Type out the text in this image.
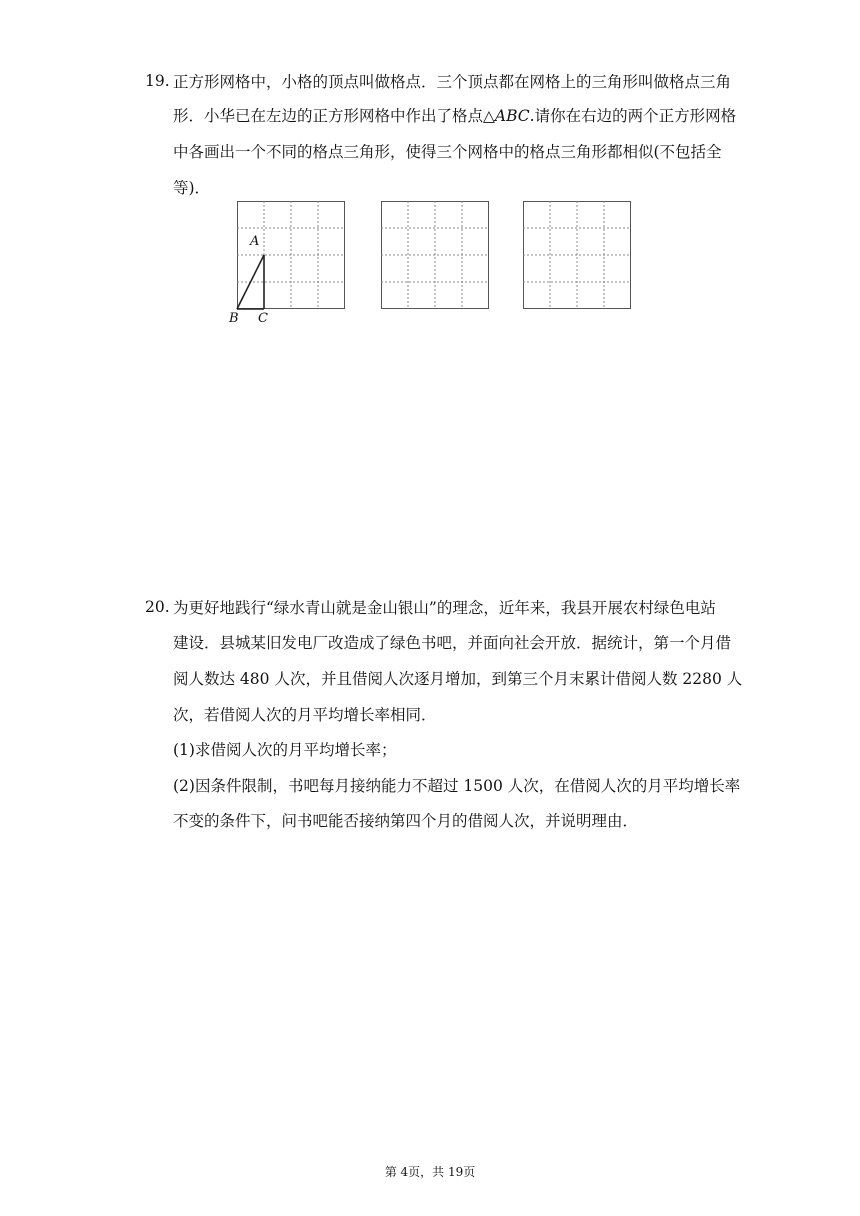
19. 正方形网格中，小格的顶点叫做格点．三个顶点都在网格上的三角形叫做格点三角
形．小华已在左边的正方形网格中作出了格点△ABC.请你在右边的两个正方形网格
中各画出一个不同的格点三角形，使得三个网格中的格点三角形都相似(不包括全
等)．
A
B C
20. 为更好地践行“绿水青山就是金山银山”的理念，近年来，我县开展农村绿色电站
建设．县城某旧发电厂改造成了绿色书吧，并面向社会开放．据统计，第一个月借
阅人数达 480 人次，并且借阅人次逐月增加，到第三个月末累计借阅人数 2280 人
次，若借阅人次的月平均增长率相同．
(1)求借阅人次的月平均增长率；
(2)因条件限制，书吧每月接纳能力不超过 1500 人次，在借阅人次的月平均增长率
不变的条件下，问书吧能否接纳第四个月的借阅人次，并说明理由．
第 4页，共 19页
